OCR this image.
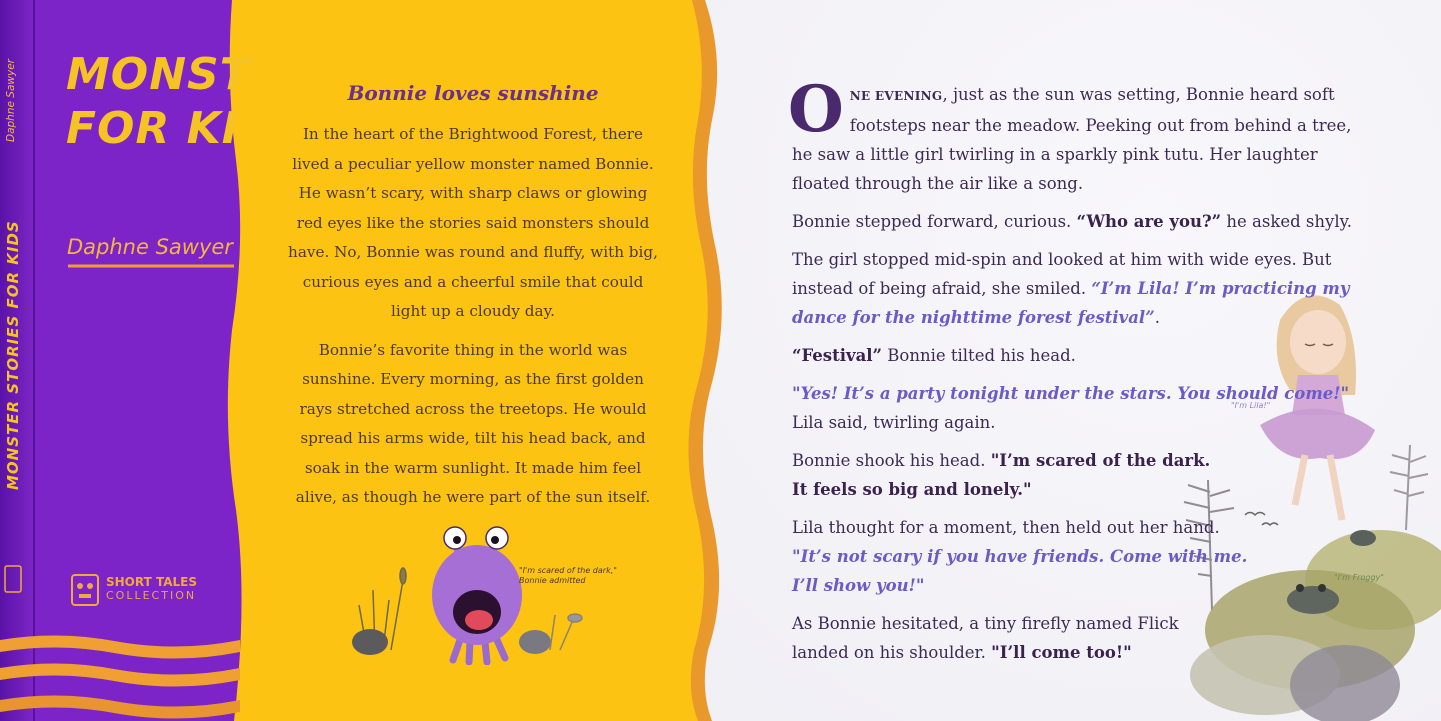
"I'm Lila!"
"I'm Froggy"

ONE EVENING, just as the sun was setting, Bonnie heard soft footsteps near the meadow. Peeking out from behind a tree, he saw a little girl twirling in a sparkly pink tutu. Her laughter floated through the air like a song.

Bonnie stepped forward, curious. “Who are you?” he asked shyly.

The girl stopped mid-spin and looked at him with wide eyes. But instead of being afraid, she smiled. “I’m Lila! I’m practicing my dance for the nighttime forest festival”.

“Festival” Bonnie tilted his head.

"Yes! It’s a party tonight under the stars. You should come!"
Lila said, twirling again.

Bonnie shook his head. "I’m scared of the dark. It feels so big and lonely."

Lila thought for a moment, then held out her hand.
"It’s not scary if you have friends. Come with me.
I’ll show you!"

As Bonnie hesitated, a tiny firefly named Flick
landed on his shoulder. "I’ll come too!"

Bonnie loves sunshine

In the heart of the Brightwood Forest, there lived a peculiar yellow monster named Bonnie. He wasn’t scary, with sharp claws or glowing red eyes like the stories said monsters should have. No, Bonnie was round and fluffy, with big, curious eyes and a cheerful smile that could light up a cloudy day.

Bonnie’s favorite thing in the world was sunshine. Every morning, as the first golden rays stretched across the treetops. He would spread his arms wide, tilt his head back, and soak in the warm sunlight. It made him feel alive, as though he were part of the sun itself.

"I'm scared of the dark,"
Bonnie admitted
MONST
FOR KI
Daphne Sawyer
MONSTER STORIES FOR KIDS
Daphne Sawyer
SHORT TALES
COLLECTION
